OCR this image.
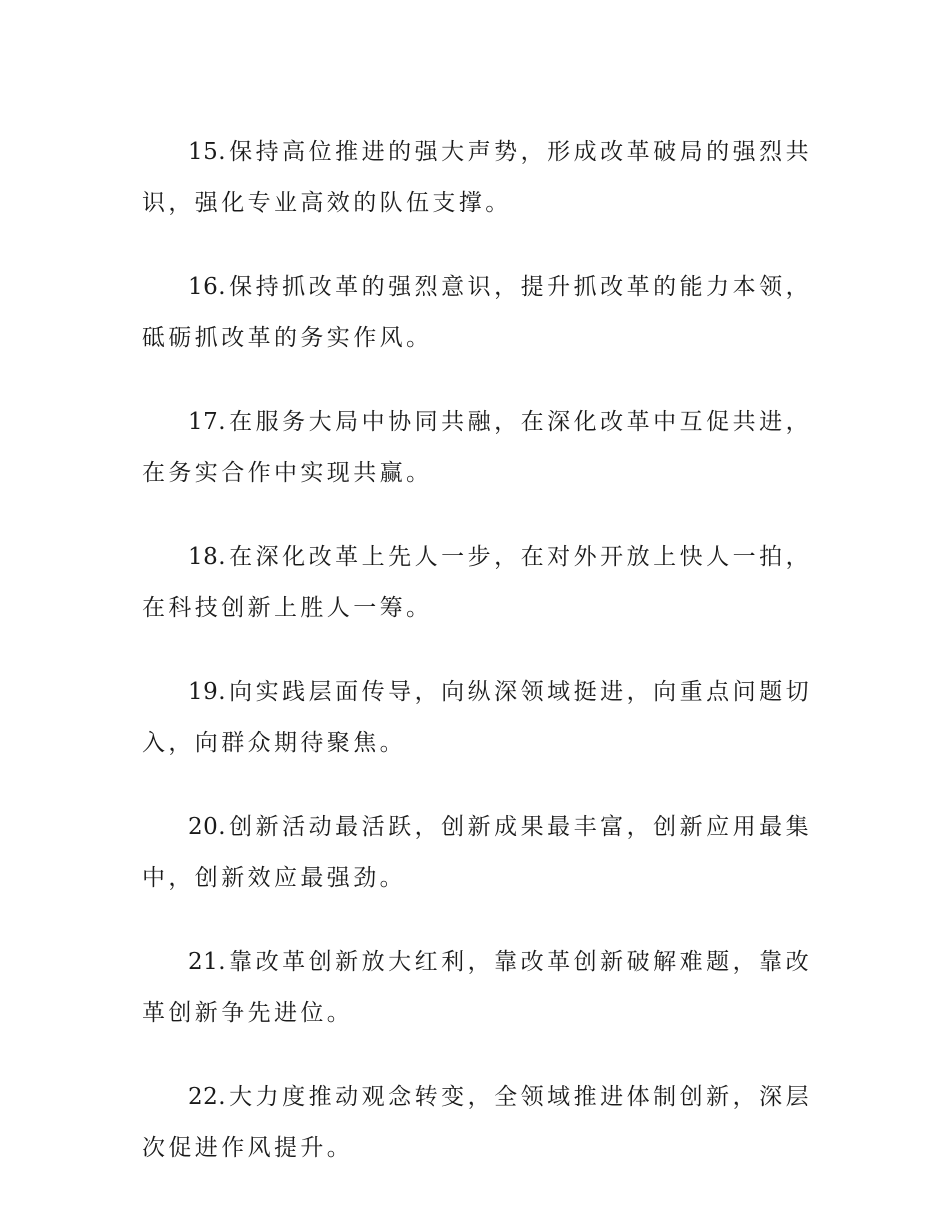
15. 保持高位推进的强大声势，形成改革破局的强烈共识，强化专业高效的队伍支撑。
16. 保持抓改革的强烈意识，提升抓改革的能力本领，砥砺抓改革的务实作风。
17. 在服务大局中协同共融，在深化改革中互促共进，在务实合作中实现共赢。
18. 在深化改革上先人一步，在对外开放上快人一拍，在科技创新上胜人一筹。
19. 向实践层面传导，向纵深领域挺进，向重点问题切入，向群众期待聚焦。
20. 创新活动最活跃，创新成果最丰富，创新应用最集中，创新效应最强劲。
21. 靠改革创新放大红利，靠改革创新破解难题，靠改革创新争先进位。
22. 大力度推动观念转变，全领域推进体制创新，深层次促进作风提升。
